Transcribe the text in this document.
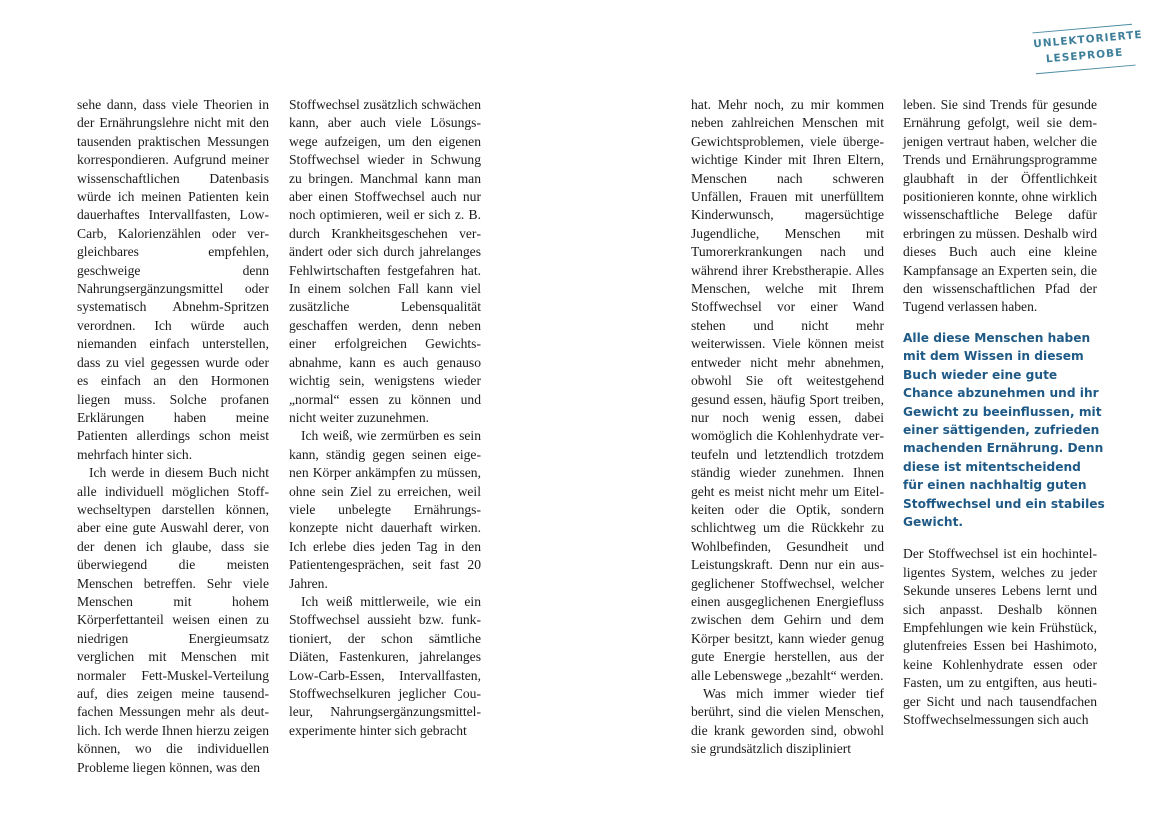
sehe dann, dass viele Theorien in der Ernährungslehre nicht mit den tausenden praktischen Messungen korrespondieren. Aufgrund meiner wissenschaftlichen Datenbasis würde ich meinen Patienten kein dauerhaftes Intervallfasten, Low-Carb, Kalorienzählen oder vergleichbares empfehlen, geschweige denn Nahrungsergänzungsmittel oder systematisch Abnehm-Spritzen verordnen. Ich würde auch niemanden einfach unterstellen, dass zu viel gegessen wurde oder es einfach an den Hormonen liegen muss. Solche profanen Erklärungen haben meine Patienten allerdings schon meist mehrfach hinter sich.

Ich werde in diesem Buch nicht alle individuell möglichen Stoffwechseltypen darstellen können, aber eine gute Auswahl derer, von der denen ich glaube, dass sie überwiegend die meisten Menschen betreffen. Sehr viele Menschen mit hohem Körperfettanteil weisen einen zu niedrigen Energieumsatz verglichen mit Menschen mit normaler Fett-Muskel-Verteilung auf, dies zeigen meine tausendfachen Messungen mehr als deutlich. Ich werde Ihnen hierzu zeigen können, wo die individuellen Probleme liegen können, was den

Stoffwechsel zusätzlich schwächen kann, aber auch viele Lösungswege aufzeigen, um den eigenen Stoffwechsel wieder in Schwung zu bringen. Manchmal kann man aber einen Stoffwechsel auch nur noch optimieren, weil er sich z. B. durch Krankheitsgeschehen verändert oder sich durch jahrelanges Fehlwirtschaften festgefahren hat. In einem solchen Fall kann viel zusätzliche Lebensqualität geschaffen werden, denn neben einer erfolgreichen Gewichtsabnahme, kann es auch genauso wichtig sein, wenigstens wieder „normal“ essen zu können und nicht weiter zuzunehmen.

Ich weiß, wie zermürben es sein kann, ständig gegen seinen eigenen Körper ankämpfen zu müssen, ohne sein Ziel zu erreichen, weil viele unbelegte Ernährungskonzepte nicht dauerhaft wirken. Ich erlebe dies jeden Tag in den Patientengesprächen, seit fast 20 Jahren.

Ich weiß mittlerweile, wie ein Stoffwechsel aussieht bzw. funktioniert, der schon sämtliche Diäten, Fastenkuren, jahrelanges Low-Carb-Essen, Intervallfasten, Stoffwechselkuren jeglicher Couleur, Nahrungsergänzungsmittelexperimente hinter sich gebracht

hat. Mehr noch, zu mir kommen neben zahlreichen Menschen mit Gewichtsproblemen, viele übergewichtige Kinder mit Ihren Eltern, Menschen nach schweren Unfällen, Frauen mit unerfülltem Kinderwunsch, magersüchtige Jugendliche, Menschen mit Tumorerkrankungen nach und während ihrer Krebstherapie. Alles Menschen, welche mit Ihrem Stoffwechsel vor einer Wand stehen und nicht mehr weiterwissen. Viele können meist entweder nicht mehr abnehmen, obwohl Sie oft weitestgehend gesund essen, häufig Sport treiben, nur noch wenig essen, dabei womöglich die Kohlenhydrate verteufeln und letztendlich trotzdem ständig wieder zunehmen. Ihnen geht es meist nicht mehr um Eitelkeiten oder die Optik, sondern schlichtweg um die Rückkehr zu Wohlbefinden, Gesundheit und Leistungskraft. Denn nur ein ausgeglichener Stoffwechsel, welcher einen ausgeglichenen Energiefluss zwischen dem Gehirn und dem Körper besitzt, kann wieder genug gute Energie herstellen, aus der alle Lebenswege „bezahlt“ werden.

Was mich immer wieder tief berührt, sind die vielen Menschen, die krank geworden sind, obwohl sie grundsätzlich diszipliniert

leben. Sie sind Trends für gesunde Ernährung gefolgt, weil sie demjenigen vertraut haben, welcher die Trends und Ernährungsprogramme glaubhaft in der Öffentlichkeit positionieren konnte, ohne wirklich wissenschaftliche Belege dafür erbringen zu müssen. Deshalb wird dieses Buch auch eine kleine Kampfansage an Experten sein, die den wissenschaftlichen Pfad der Tugend verlassen haben.

Alle diese Menschen haben
mit dem Wissen in diesem
Buch wieder eine gute
Chance abzunehmen und ihr
Gewicht zu beeinflussen, mit
einer sättigenden, zufrieden
machenden Ernährung. Denn
diese ist mitentscheidend
für einen nachhaltig guten
Stoffwechsel und ein stabiles
Gewicht.

Der Stoffwechsel ist ein hochintelligentes System, welches zu jeder Sekunde unseres Lebens lernt und sich anpasst. Deshalb können Empfehlungen wie kein Frühstück, glutenfreies Essen bei Hashimoto, keine Kohlenhydrate essen oder Fasten, um zu entgiften, aus heutiger Sicht und nach tausendfachen Stoffwechselmessungen sich auch

UNLEKTORIERTE
LESEPROBE
